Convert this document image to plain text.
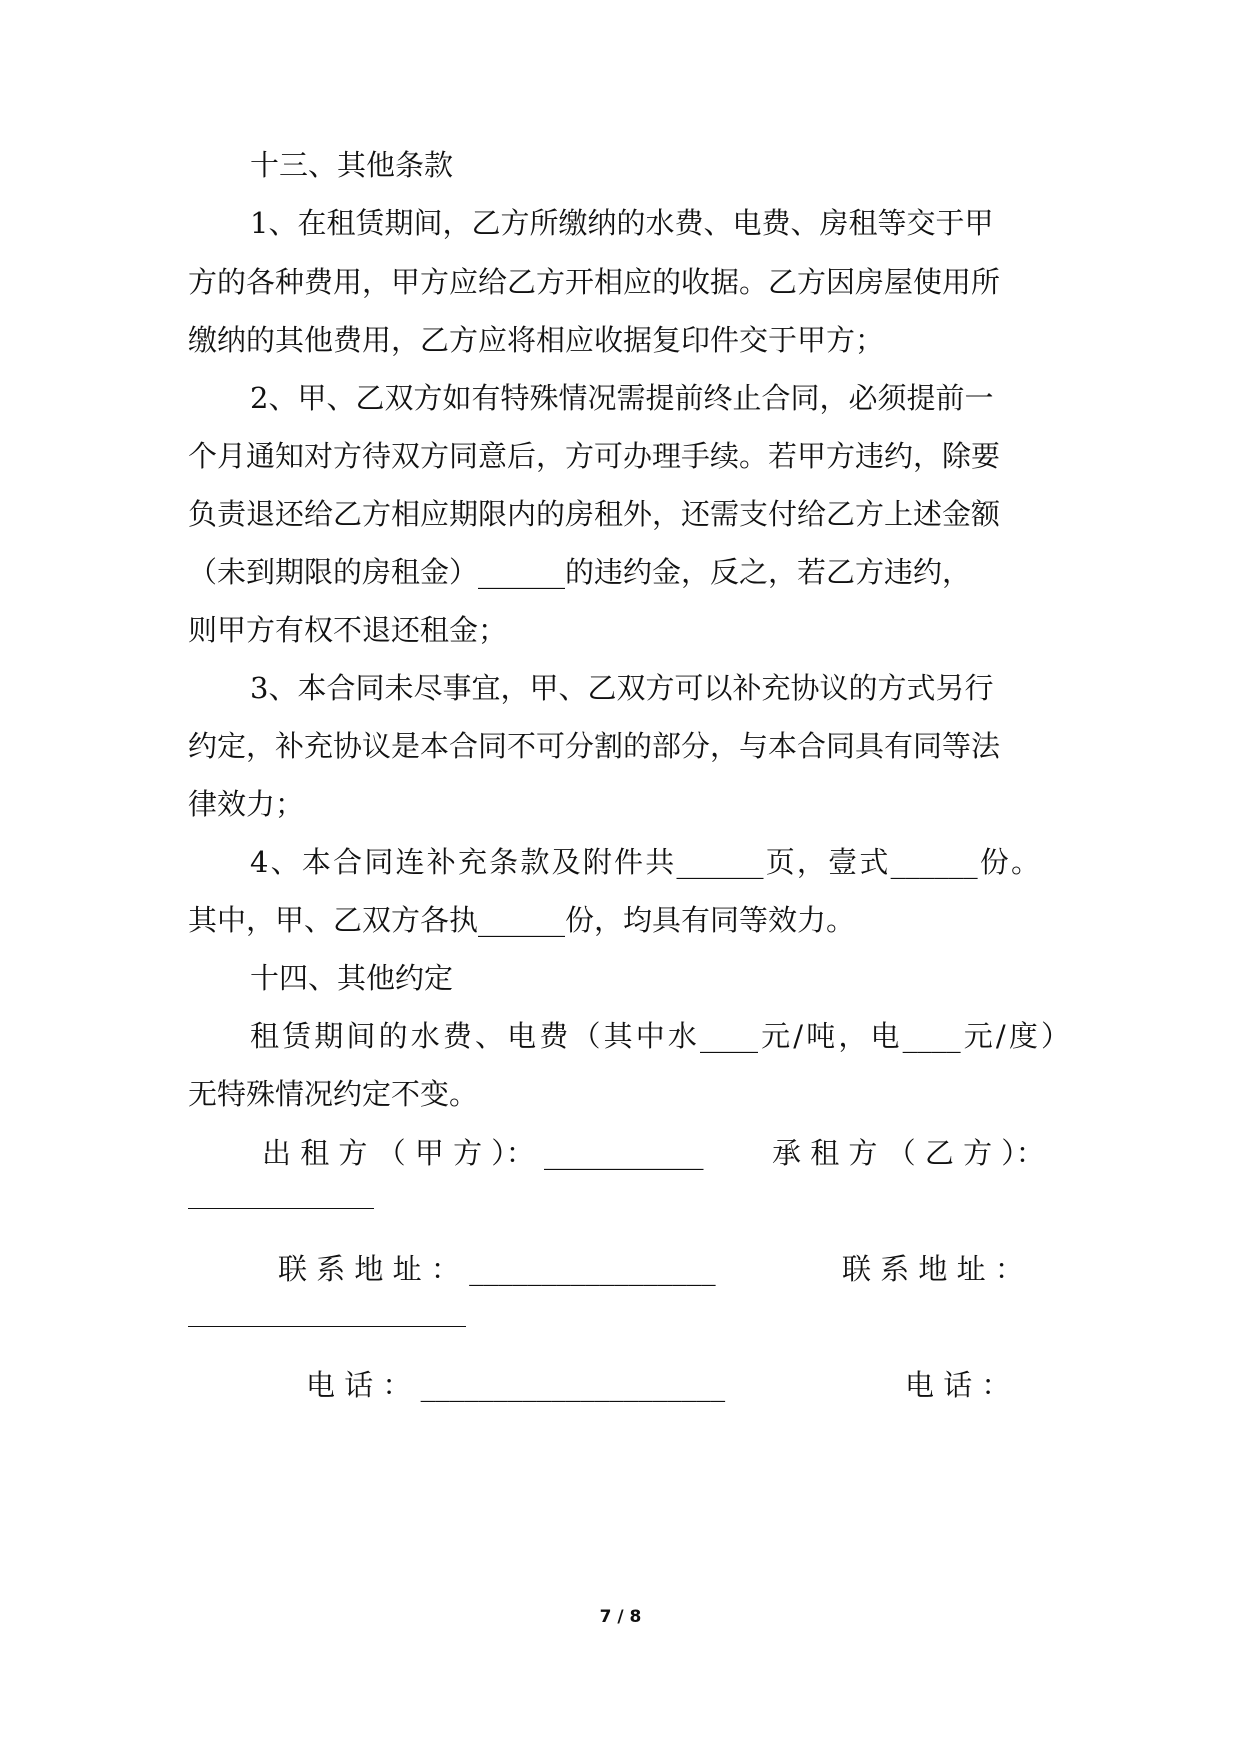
十三、其他条款
1、在租赁期间，乙方所缴纳的水费、电费、房租等交于甲
方的各种费用，甲方应给乙方开相应的收据。乙方因房屋使用所
缴纳的其他费用，乙方应将相应收据复印件交于甲方；
2、甲、乙双方如有特殊情况需提前终止合同，必须提前一
个月通知对方待双方同意后，方可办理手续。若甲方违约，除要
负责退还给乙方相应期限内的房租外，还需支付给乙方上述金额
（未到期限的房租金）______的违约金，反之，若乙方违约，
则甲方有权不退还租金；
3、本合同未尽事宜，甲、乙双方可以补充协议的方式另行
约定，补充协议是本合同不可分割的部分，与本合同具有同等法
律效力；
4、本合同连补充条款及附件共______页，壹式______份。
其中，甲、乙双方各执______份，均具有同等效力。
十四、其他约定
租赁期间的水费、电费（其中水____元/吨，电____元/度）
无特殊情况约定不变。
出 租 方 （ 甲 方 ）： ___________	承 租 方 （ 乙 方 ）：
联 系 地 址 ： _________________	联 系 地 址 ：
电 话 ： _____________________	电 话 ：
7 / 8
